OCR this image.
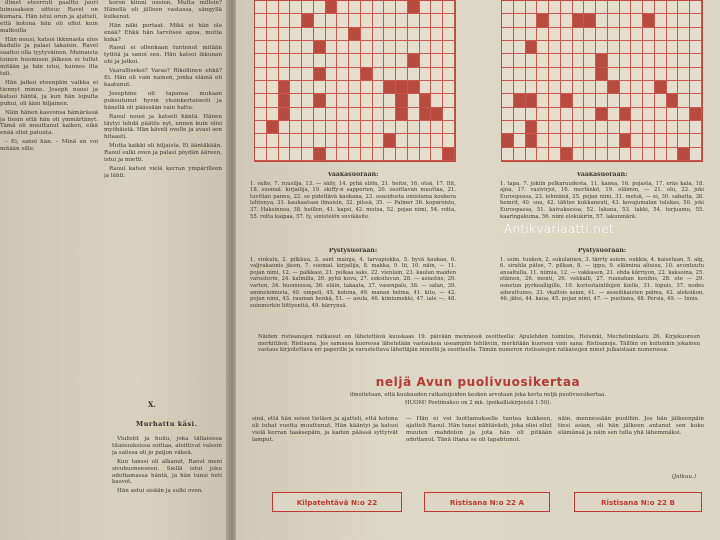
illmet eteerruti paaltto juuri luinusaksen sitteuc Ravel on kumara. Hän istui orun ja ajatteli, että kotona hän oli ollut kuin matkoilla

Hän nousi, katsoi ikkunasta ulos kadulle ja palasi takaisin. Ravel saattoi olla tyytyväinen. Muinaista toinen huomisen jälkeen ei tullut mitään ja hän istui, kunnes ilta tuli.

Hän jatkoi eteenpäin vaikka ei tiennyt minne. Joseph nousi ja katsoi häntä, ja kun hän lopulta puhui, oli ääni hiljainen.

Näin hänen kasvonsa hämärässä ja tiesin että hän oli ymmärtänyt. Tämä oli muuttanut kaiken, eikä enää ollut paluuta.

– Ei, sanoi hän. – Minä en voi mitään sille.

koron kiinni uusien, Mutta milloin? Hänellä oli jälleen vastassa, sängyllä kulkenut.

Hän näki portaat. Mikä ei hän ole enää? Ehkä hän tarvitsee apua, mutta kuka?

Raoul ei ollenkaan tuntenut mitään tyttöä ja sanoi sen. Hän katsoi ikkunan ohi ja jatkoi.

Vaaralliseksi? Varas? Rikollinen ehkä? Ei. Hän oli vain nainen, jonka elämä oli kaatunut.

Josephine oli tapansa mukaan pukeutunut hyvin yksinkertaisesti ja hänellä oli päässään vain hattu.

Raoul nousi ja katseli häntä. Hänen täytyi tehdä päätös nyt, ennen kuin olisi myöhäistä. Hän käveli ovelle ja avasi sen hitaasti.

Mutta kaikki oli hiljaista. Ei ääntäkään. Raoul sulki oven ja palasi pöydän ääreen, istui ja mietti.

Raoul katsoi vielä kerran ympärilleen ja lähti.

X.
Murhattu käsi.

Viulistit ja huilu, joka tällaisissa tilaisuuksissa soittaa, aloittivat valssin ja salissa oli jo paljon väkeä.

Kun tanssi oli alkanut, Raoul meni sivuhuoneeseen. Siellä istui joku odottamassa häntä, ja hän tunsi heti kasvot.

Hän astui sisään ja sulki oven.

Vaakasuoraan:
1. valte, 7. ruusilja, 13. — säily, 14. pyhä eliön, 21. heitsi, 16. otsä, 17. Ilit, 18. suomal. kirjailija, 19. skiffy-n sapperien, 20. osoittavan muuttaa, 21. tuvittan pannu, 22. se pidettävä kaukana, 23. osasidosta omistama koukera lehtonya, 31. kaukaatsan ilmaisin, 32. pilssä, 35. — Palmer 36. koparoisto, 37. Haksinnoa, 38. heillen, 41. kapsi, 42. mutsa, 52. pojan nimi, 54. rotta, 55. rotta kaipaa, 57. ty, sinistelön suvikäsite.
Vaakasuoraan:
1. tapa, 7. jokiin pelkaruudesta, 11. kanea, 16. pojasta, 17. eräs kala, 18. ajna, 17. vasivirjoi, 16. merlänkö, 19. eläimin, — 21. olu, 22. joki Euroopossa, 23. lehmänä, 25. pojan nimi, 31. metsä, — ei, 30. sabatta, 38. hemrit, 40. suu, 42. tähtee kukkaneuti, 43. kovajumalan tulukas, 50. joki Euroopassa, 51. kaivaksessa, 52. lakana, 53. takki, 54. torjuamu, 55. kaaringakuma, 56. nimi elokukirin, 57. lakunmärä.
Pystysuoraan:
1. vinkulu, 2. pilkkua, 3. sant mainja, 4. tarvapiokka, 5. hyvä kaukaa, 6. valjvakaunis jäsen, 7. suomal. kirjailija, 8. makka, 9. lii, 10. näin, — 11. pojan nimi, 12. — palkkasi, 21. polkaa saks, 22. vienlain, 23. kaulan maiden varusterin, 24. kalmilla, 26. pyhä kuva, 27. suksiluvun, 28. — asiastne, 29. varten, 34. huomiossa, 36. eläin, takaata, 37. vasenpalo, 38. — salan, 39. ammeloimista, 40. ompeli, 45. kotona, 49. manan helma, 41. kito, — 42. pojan nimi, 43. rauman henkä, 51. — asula, 46. kiiniumekki, 47. iale —, 48. suinmerkin liittyenttä, 49. kärrynsä.
Pystysuoraan:
1. ssim. tuukon, 2. sukulainen, 3. tärrty asiem, oukkia, 4. kaisetaan, 5. alg, 6. sirahla pätse, 7. pilkan, 8. — ippu, 9. eläimina aliuisu, 10. avuntuutu ansaitulla, 11. niimia, 12. — vakkasen, 21. ehda kärriyon, 22. kaksoina, 25. eläinen, 26. menti, 26. vekkalli, 27. ruanahan kenihis, 28. ote — 29. osnetun pyrkealligille, 10. korisotainlilujen kielle, 31. lopuis, 37. nodes aiheuttunes, 33. vkaltsis asian, 41. — asseihkaisten palma, 42. aleksikon, 46. jätei, 44. kaua, 45. pojan nimi, 47. — puoliana, 48. Persia, 49. — Innis.
Näiden ristisanojen ratkaisut on lähetettävä kuuskaas 19. päivään mennessä osoitteella: Apulehden toimitus, Helsinki, Mechelininkatu 26. Kirjekuoreen merkittävä: Ristisana. Jos samassa kuoressa lähetetään vastauksia useampiin tehtäviin, merkitään kuoreen vain sana: Ristisanoja. Tällöin on kuitenkin jokainen vastaus kirjoitettava eri paperille ja varustettava lähettäjän nimellä ja osoitteella. Tämän numeron ristisanojen ratkaisujen nimet julkaistaan numerossa.
neljä Avun puolivuosikertaa
ilmoitetaan, että kuukauden ratkaisijoiden kesken arvotaan joka kerta neljä puolivuosikertaa.
HUOM! Postimaksu on 2 mk. (poikalliskirjeistä 1:50).
sinä, että hän seisoi tietäen ja ajatteli, että kotona oli tuhat vuotta muuttunut. Hän kääntyi ja katsoi vielä kerran taaksepäin, ja kadun päässä syttyivät lamput.
— Hän ei voi luottamukselle tuntea kukkeen, ajatteli Raoul. Hän tunsi nähtävästi, joka olisi ollut muuten mahdoton ja jota hän oli pitkään odottanut. Tänä iltana se oli tapahtunut.
näin, mennessään puolihin. Jos hän jälkeenpäin tiesi asian, oli hän jälkeen antanut sen koko elämänsä ja näin sen tulla yhä lähemmäksi.
(Jatkuu.)
Kilpatehtävä N:o 22	Ristisana N:o 22 A	Ristisana N:o 22 B
Antikvariaatti.net
